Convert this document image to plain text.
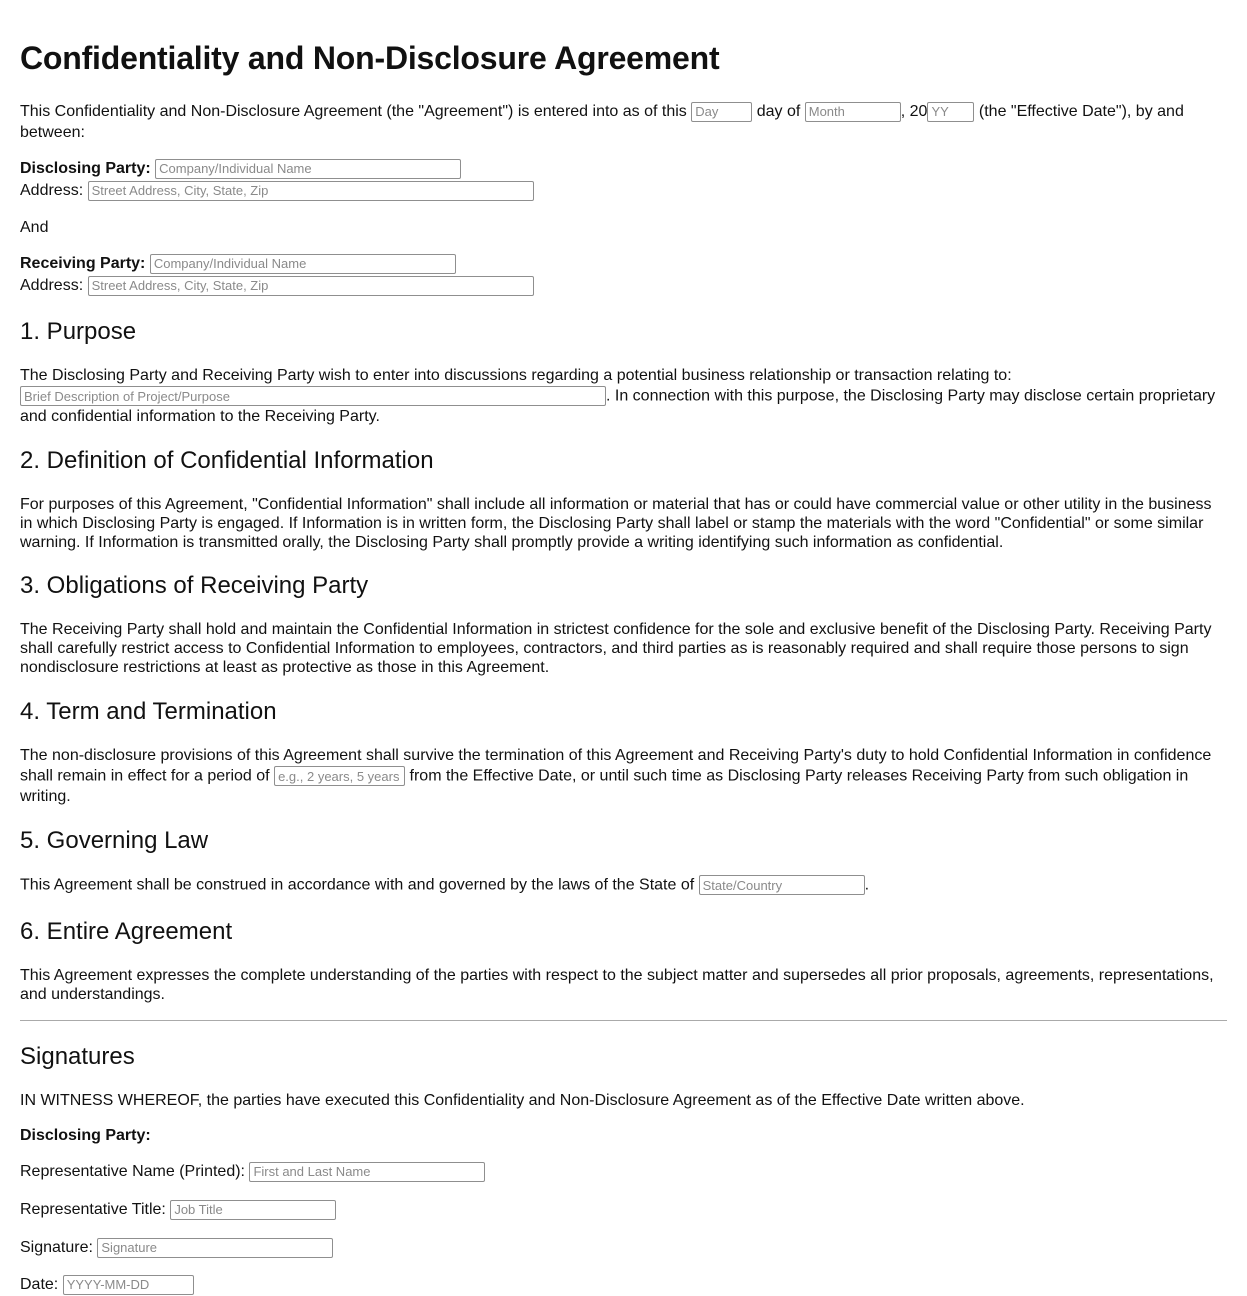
Confidentiality and Non-Disclosure Agreement
This Confidentiality and Non-Disclosure Agreement (the "Agreement") is entered into as of this Day	day of Month	, 20YY	(the "Effective Date"), by and
between:
Disclosing Party: Company/Individual Name
Address: Street Address, City, State, Zip
And
Receiving Party: Company/Individual Name
Address: Street Address, City, State, Zip
1. Purpose
The Disclosing Party and Receiving Party wish to enter into discussions regarding a potential business relationship or transaction relating to:
Brief Description of Project/Purpose. In connection with this purpose, the Disclosing Party may disclose certain proprietary
and confidential information to the Receiving Party.
2. Definition of Confidential Information
For purposes of this Agreement, "Confidential Information" shall include all information or material that has or could have commercial value or other utility in the business in which Disclosing Party is engaged. If Information is in written form, the Disclosing Party shall label or stamp the materials with the word "Confidential" or some similar warning. If Information is transmitted orally, the Disclosing Party shall promptly provide a writing identifying such information as confidential.
3. Obligations of Receiving Party
The Receiving Party shall hold and maintain the Confidential Information in strictest confidence for the sole and exclusive benefit of the Disclosing Party. Receiving Party shall carefully restrict access to Confidential Information to employees, contractors, and third parties as is reasonably required and shall require those persons to sign nondisclosure restrictions at least as protective as those in this Agreement.
4. Term and Termination
The non-disclosure provisions of this Agreement shall survive the termination of this Agreement and Receiving Party's duty to hold Confidential Information in confidence
shall remain in effect for a period of e.g., 2 years, 5 years	from the Effective Date, or until such time as Disclosing Party releases Receiving Party from such obligation in
writing.
5. Governing Law
This Agreement shall be construed in accordance with and governed by the laws of the State of State/Country	.
6. Entire Agreement
This Agreement expresses the complete understanding of the parties with respect to the subject matter and supersedes all prior proposals, agreements, representations, and understandings.
Signatures
IN WITNESS WHEREOF, the parties have executed this Confidentiality and Non-Disclosure Agreement as of the Effective Date written above.
Disclosing Party:
Representative Name (Printed): First and Last Name
Representative Title: Job Title
Signature: Signature
Date: YYYY-MM-DD
